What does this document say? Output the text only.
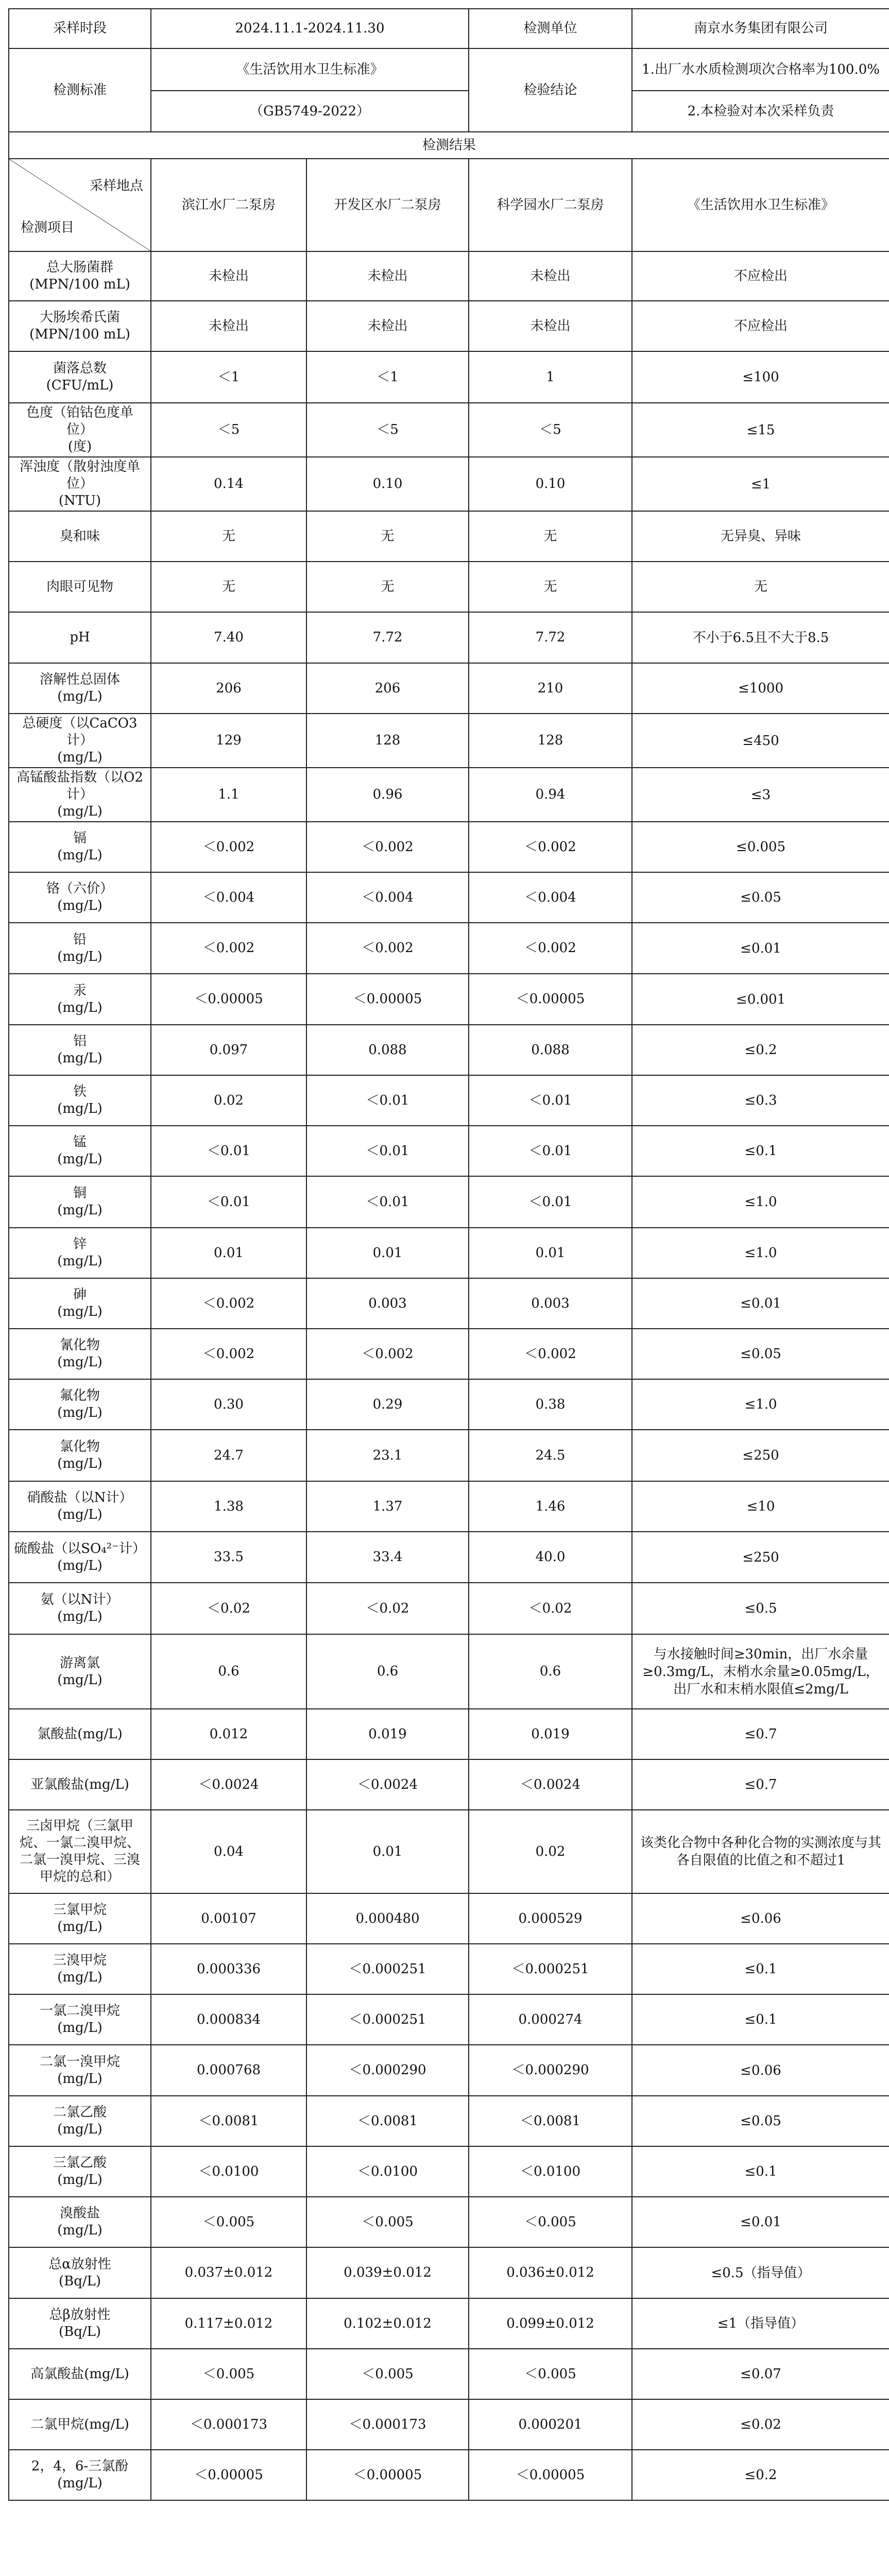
采样时段	2024.11.1-2024.11.30		检测单位	南京水务集团有限公司
检测标准	《生活饮用水卫生标准》		检验结论	1.出厂水水质检测项次合格率为100.0%
	（GB5749-2022）			2.本检验对本次采样负责
检测结果				

采样地点
检测项目	滨江水厂二泵房	开发区水厂二泵房	科学园水厂二泵房	《生活饮用水卫生标准》
总大肠菌群
(MPN/100 mL)	未检出	未检出	未检出	不应检出
大肠埃希氏菌
(MPN/100 mL)	未检出	未检出	未检出	不应检出
菌落总数
(CFU/mL)	＜1	＜1	1	≤100
色度（铂钴色度单位）
(度)	＜5	＜5	＜5	≤15
浑浊度（散射浊度单位）
(NTU)	0.14	0.10	0.10	≤1
臭和味	无	无	无	无异臭、异味
肉眼可见物	无	无	无	无
pH	7.40	7.72	7.72	不小于6.5且不大于8.5
溶解性总固体
(mg/L)	206	206	210	≤1000
总硬度（以CaCO3计）
(mg/L)	129	128	128	≤450
高锰酸盐指数（以O2计）
(mg/L)	1.1	0.96	0.94	≤3
镉
(mg/L)	＜0.002	＜0.002	＜0.002	≤0.005
铬（六价）
(mg/L)	＜0.004	＜0.004	＜0.004	≤0.05
铅
(mg/L)	＜0.002	＜0.002	＜0.002	≤0.01
汞
(mg/L)	＜0.00005	＜0.00005	＜0.00005	≤0.001
铝
(mg/L)	0.097	0.088	0.088	≤0.2
铁
(mg/L)	0.02	＜0.01	＜0.01	≤0.3
锰
(mg/L)	＜0.01	＜0.01	＜0.01	≤0.1
铜
(mg/L)	＜0.01	＜0.01	＜0.01	≤1.0
锌
(mg/L)	0.01	0.01	0.01	≤1.0
砷
(mg/L)	＜0.002	0.003	0.003	≤0.01
氰化物
(mg/L)	＜0.002	＜0.002	＜0.002	≤0.05
氟化物
(mg/L)	0.30	0.29	0.38	≤1.0
氯化物
(mg/L)	24.7	23.1	24.5	≤250
硝酸盐（以N计）
(mg/L)	1.38	1.37	1.46	≤10
硫酸盐（以SO₄²⁻计）
(mg/L)	33.5	33.4	40.0	≤250
氨（以N计）
(mg/L)	＜0.02	＜0.02	＜0.02	≤0.5
游离氯
(mg/L)	0.6	0.6	0.6	与水接触时间≥30min，出厂水余量≥0.3mg/L，末梢水余量≥0.05mg/L，出厂水和末梢水限值≤2mg/L
氯酸盐(mg/L)	0.012	0.019	0.019	≤0.7
亚氯酸盐(mg/L)	＜0.0024	＜0.0024	＜0.0024	≤0.7
三卤甲烷（三氯甲烷、一氯二溴甲烷、二氯一溴甲烷、三溴甲烷的总和）	0.04	0.01	0.02	该类化合物中各种化合物的实测浓度与其各自限值的比值之和不超过1
三氯甲烷
(mg/L)	0.00107	0.000480	0.000529	≤0.06
三溴甲烷
(mg/L)	0.000336	＜0.000251	＜0.000251	≤0.1
一氯二溴甲烷
(mg/L)	0.000834	＜0.000251	0.000274	≤0.1
二氯一溴甲烷
(mg/L)	0.000768	＜0.000290	＜0.000290	≤0.06
二氯乙酸
(mg/L)	＜0.0081	＜0.0081	＜0.0081	≤0.05
三氯乙酸
(mg/L)	＜0.0100	＜0.0100	＜0.0100	≤0.1
溴酸盐
(mg/L)	＜0.005	＜0.005	＜0.005	≤0.01
总α放射性
(Bq/L)	0.037±0.012	0.039±0.012	0.036±0.012	≤0.5（指导值）
总β放射性
(Bq/L)	0.117±0.012	0.102±0.012	0.099±0.012	≤1（指导值）
高氯酸盐(mg/L)	＜0.005	＜0.005	＜0.005	≤0.07
二氯甲烷(mg/L)	＜0.000173	＜0.000173	0.000201	≤0.02
2，4，6-三氯酚
(mg/L)	＜0.00005	＜0.00005	＜0.00005	≤0.2
